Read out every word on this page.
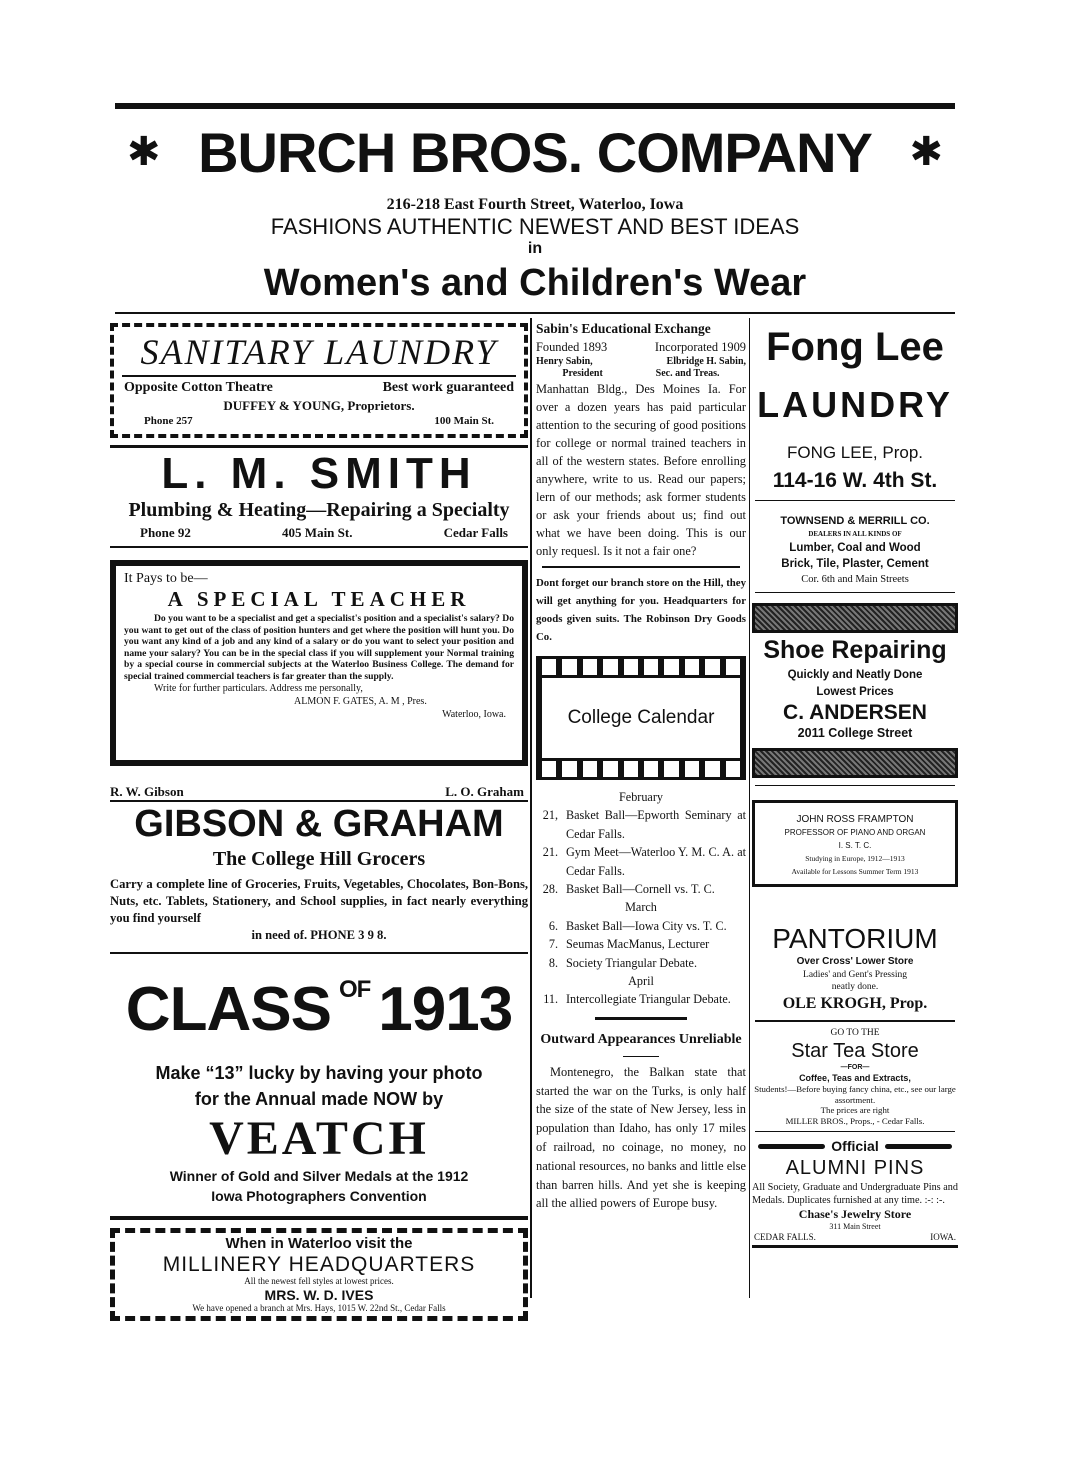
✱	✱
BURCH BROS. COMPANY
216-218 East Fourth Street, Waterloo, Iowa
FASHIONS AUTHENTIC NEWEST AND BEST IDEAS
in
Women's and Children's Wear
SANITARY LAUNDRY
Opposite Cotton Theatre	Best work guaranteed
DUFFEY & YOUNG, Proprietors.
Phone 257	100 Main St.
L. M. SMITH
Plumbing & Heating—Repairing a Specialty
Phone 92	405 Main St.	Cedar Falls
It Pays to be—
A SPECIAL TEACHER
Do you want to be a specialist and get a specialist's position and a specialist's salary? Do you want to get out of the class of position hunters and get where the position will hunt you. Do you want any kind of a job and any kind of a salary or do you want to select your position and name your salary? You can be in the special class if you will supplement your Normal training by a special course in commercial subjects at the Waterloo Business College. The demand for special trained commercial teachers is far greater than the supply.
Write for further particulars. Address me personally,
ALMON F. GATES, A. M , Pres.
Waterloo, Iowa.
R. W. Gibson	L. O. Graham
GIBSON & GRAHAM
The College Hill Grocers
Carry a complete line of Groceries, Fruits, Vegetables, Chocolates, Bon-Bons, Nuts, etc. Tablets, Stationery, and School supplies, in fact nearly everything you find yourself
in need of. PHONE 3 9 8.
CLASS $^{OF}$ 1913
Make “13” lucky by having your photo
for the Annual made NOW by
VEATCH
Winner of Gold and Silver Medals at the 1912
Iowa Photographers Convention
When in Waterloo visit the
MILLINERY HEADQUARTERS
All the newest fell styles at lowest prices.
MRS. W. D. IVES
We have opened a branch at Mrs. Hays, 1015 W. 22nd St., Cedar Falls
Sabin's Educational Exchange
Founded 1893	Incorporated 1909
Henry Sabin,	Elbridge H. Sabin,
President	Sec. and Treas.
Manhattan Bldg., Des Moines Ia. For over a dozen years has paid particular attention to the securing of good positions for college or normal trained teachers in all of the western states. Before enrolling anywhere, write to us. Read our papers; lern of our methods; ask former students or ask your friends about us; find out what we have been doing. This is our only requesl. Is it not a fair one?
Dont forget our branch store on the Hill, they will get anything for you. Headquarters for goods given suits. The Robinson Dry Goods Co.
College Calendar
February
21, Basket Ball—Epworth Seminary at Cedar Falls.
21. Gym Meet—Waterloo Y. M. C. A. at Cedar Falls.
28. Basket Ball—Cornell vs. T. C.
March
6. Basket Ball—Iowa City vs. T. C.
7. Seumas MacManus, Lecturer
8. Society Triangular Debate.
April
11. Intercollegiate Triangular Debate.
Outward Appearances Unreliable
Montenegro, the Balkan state that started the war on the Turks, is only half the size of the state of New Jersey, less in population than Idaho, has only 17 miles of railroad, no coinage, no money, no national resources, no banks and little else than barren hills. And yet she is keeping all the allied powers of Europe busy.
Fong Lee
LAUNDRY
FONG LEE, Prop.
114-16 W. 4th St.
TOWNSEND & MERRILL CO.
DEALERS IN ALL KINDS OF
Lumber, Coal and Wood
Brick, Tile, Plaster, Cement
Cor. 6th and Main Streets
Shoe Repairing
Quickly and Neatly Done
Lowest Prices
C. ANDERSEN
2011 College Street
JOHN ROSS FRAMPTON
PROFESSOR OF PIANO AND ORGAN
I. S. T. C.
Studying in Europe, 1912—1913
Available for Lessons Summer Term 1913
PANTORIUM
Over Cross' Lower Store
Ladies' and Gent's Pressing
neatly done.
OLE KROGH, Prop.
GO TO THE
Star Tea Store
—FOR—
Coffee, Teas and Extracts,
Students!—Before buying fancy china, etc., see our large assortment.
The prices are right
MILLER BROS., Props., - Cedar Falls.
Official
ALUMNI PINS
All Society, Graduate and Undergraduate Pins and Medals. Duplicates furnished at any time. :-: :-.
Chase's Jewelry Store
311 Main Street
CEDAR FALLS.	IOWA.
